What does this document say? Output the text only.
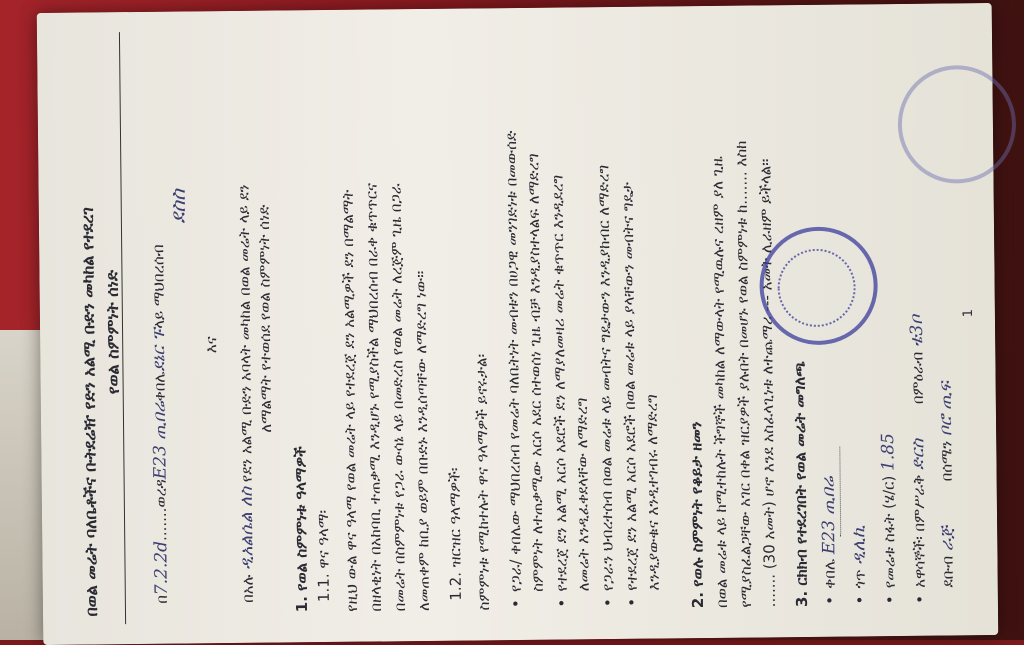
በወል መሬት ባለቤቶችና ቡትደሬዥ የድን አልሚ ቡድን መካከል የተደረገ የወል ስምምነት ሰነድ
በ7.2.2d.......ወረዳE23 ጢበሬቀበሌደኔር ፑላይ ማህበረሰብ
ደስስ
እና
በአሉ ዲአልሴል ለስ የደን አልሚ ቡድን አባላት መካከል በወል መሬት ላይ ደን ለማልማት የተወሰደ የወል ስምምነት ሰነድ
1. የወል ስምምነቱ ዓላማዎች 1.1. ዋና ዓላማ፡ የዚህ ውል ዋና ዓላማ የወል መሬት ላይ የተደረጀ ደን አልሚዎች ደን በማልማት በዘላቂነት በአከባቢ ተጠቃሚ እንዲሆኑ የሚያስችል ማህበረሰብ በራቀ ቁጥጥርና በመሬት በስምምነቱ የጋራ ውሳኔ ላይ በመድረስ የወል መሬት ለረጅም ጊዜ በጋራ ለመጠቀም ከቢያ ወይም በቡድኑ እንዲሰጣቸው ለማድረግ ነው፡፡ 1.2. ዝርዝር ዓላማዎች፡ ስምምነቱ የሚከተሉት ዋና ዓላማዎች ይኖሩታል፡ • የጋራ/ ቀበሌው ማህበረሰብ የመሬት ባለቤትነት መብቱን በሀጋዊ መንገድነቱ በመውሰድ ስምምነት ለተጠቃሚው አርሶ አደር ሰተወሰነ ጊዜ ብቻ እንዲያስተላልፍ ለማድረግ • የተደረጀ ደን አልሚ አርሶ አደሮች ደን ለማያለመዛሪ መሬት ቁጥጥር እንዲደረግ ለመሬት እንዲፈቀደላቸው ለማድረግ • የጋራን ህብረተሰብ በወል መሬቱ ላይ መብትና ግዴታውን እንዲያከብር ለማድረግ • የተደረጀ ደን አልሚ አርሶ አደሮች በወል መሬቱ ላይ ያላቸውን መብትና ግዴታ እንዲያውቁና እንዲተገብሩ ለማድረግ 2. የወሉ ስምምነት የቆይታ ዘመን በወል መሬቱ ላይ ከሚተከሉት ችግኞች መካከል ለማውላት የሚዉሉና ረዘም ያለ ጊዜ የሚያስፈልጋቸው አገር በቀል ዝርያዎች ያሉበት በመሆኑ የወል ስምምነቱ ከ....... እስከ ....... (30 አመት) ሆኖ እንደ አስፈላጊነቱ ለተጨማሪ --- አመት ሊራዘም ይችላል፡፡ 3. ርክክብ የተደረገበት የወል መሬት መግለጫ • ቀበሌ E23 ጢበሬ
• ጎጥ ዲሊኪ • የመሬቱ ስፋት (ሄ/ር) 1.85
• አዋሳኞች፡ በምሥራቅ ድርስ በምዕራብ ቴ3ቦ
ደቡብ ራጅ በሰሜን ቦሮ ጢፍ
1
